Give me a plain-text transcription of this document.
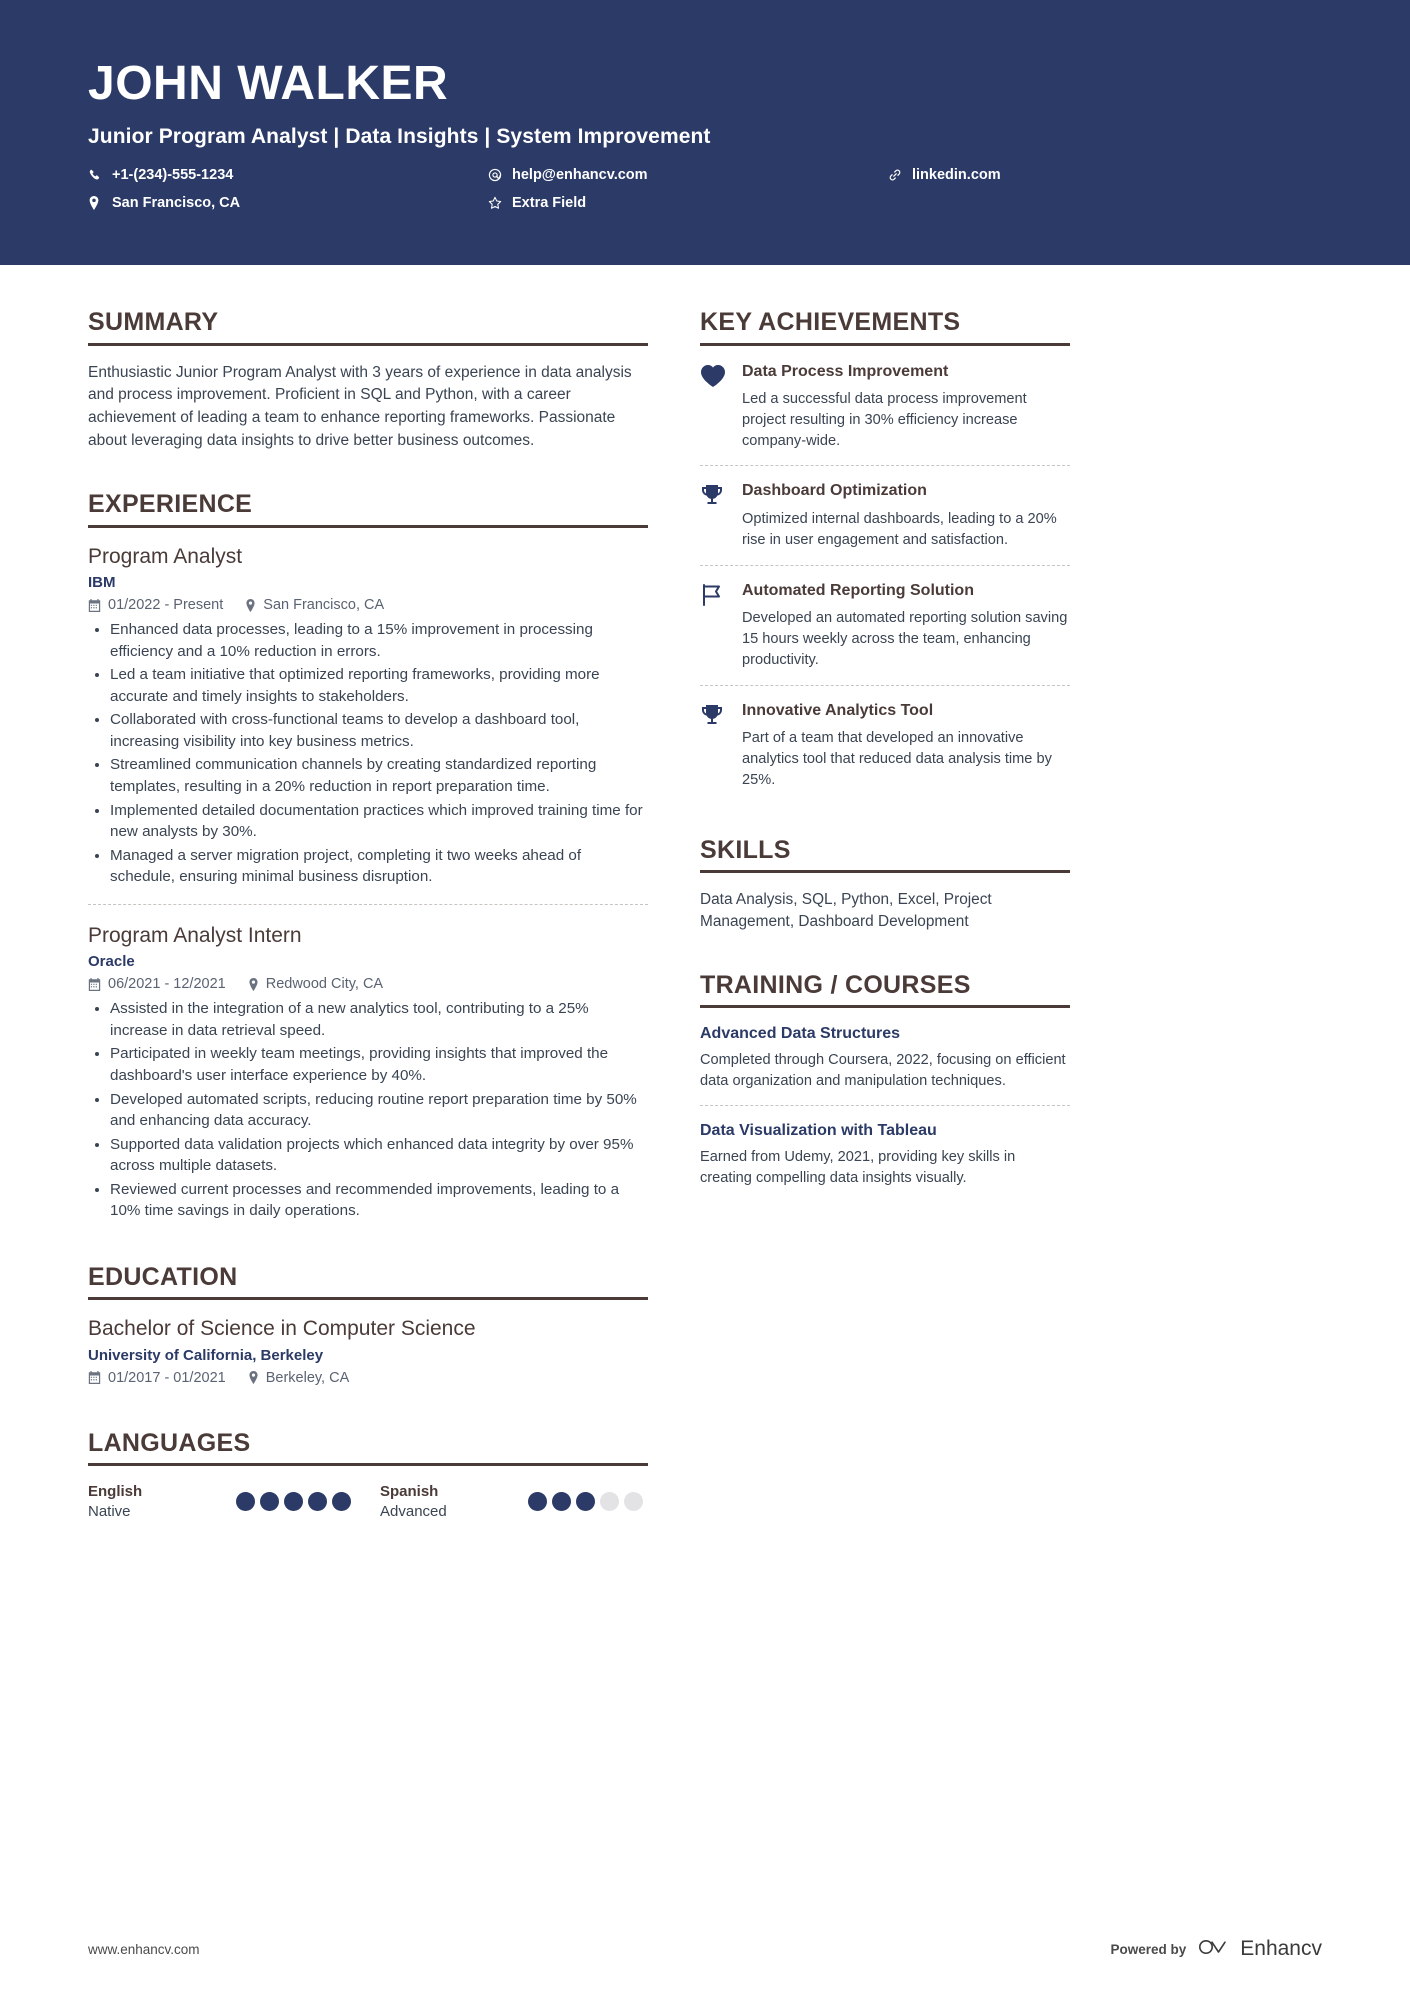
JOHN WALKER
Junior Program Analyst | Data Insights | System Improvement
+1-(234)-555-1234	help@enhancv.com	linkedin.com
San Francisco, CA	Extra Field
SUMMARY
Enthusiastic Junior Program Analyst with 3 years of experience in data analysis and process improvement. Proficient in SQL and Python, with a career achievement of leading a team to enhance reporting frameworks. Passionate about leveraging data insights to drive better business outcomes.
EXPERIENCE
Program Analyst
IBM
01/2022 - Present	San Francisco, CA
Enhanced data processes, leading to a 15% improvement in processing efficiency and a 10% reduction in errors.
Led a team initiative that optimized reporting frameworks, providing more accurate and timely insights to stakeholders.
Collaborated with cross-functional teams to develop a dashboard tool, increasing visibility into key business metrics.
Streamlined communication channels by creating standardized reporting templates, resulting in a 20% reduction in report preparation time.
Implemented detailed documentation practices which improved training time for new analysts by 30%.
Managed a server migration project, completing it two weeks ahead of schedule, ensuring minimal business disruption.
Program Analyst Intern
Oracle
06/2021 - 12/2021	Redwood City, CA
Assisted in the integration of a new analytics tool, contributing to a 25% increase in data retrieval speed.
Participated in weekly team meetings, providing insights that improved the dashboard's user interface experience by 40%.
Developed automated scripts, reducing routine report preparation time by 50% and enhancing data accuracy.
Supported data validation projects which enhanced data integrity by over 95% across multiple datasets.
Reviewed current processes and recommended improvements, leading to a 10% time savings in daily operations.
EDUCATION
Bachelor of Science in Computer Science
University of California, Berkeley
01/2017 - 01/2021	Berkeley, CA
LANGUAGES
English
Native
Spanish
Advanced
KEY ACHIEVEMENTS
Data Process Improvement
Led a successful data process improvement project resulting in 30% efficiency increase company-wide.
Dashboard Optimization
Optimized internal dashboards, leading to a 20% rise in user engagement and satisfaction.
Automated Reporting Solution
Developed an automated reporting solution saving 15 hours weekly across the team, enhancing productivity.
Innovative Analytics Tool
Part of a team that developed an innovative analytics tool that reduced data analysis time by 25%.
SKILLS
Data Analysis, SQL, Python, Excel, Project Management, Dashboard Development
TRAINING / COURSES
Advanced Data Structures
Completed through Coursera, 2022, focusing on efficient data organization and manipulation techniques.
Data Visualization with Tableau
Earned from Udemy, 2021, providing key skills in creating compelling data insights visually.
www.enhancv.com	Powered by	Enhancv
